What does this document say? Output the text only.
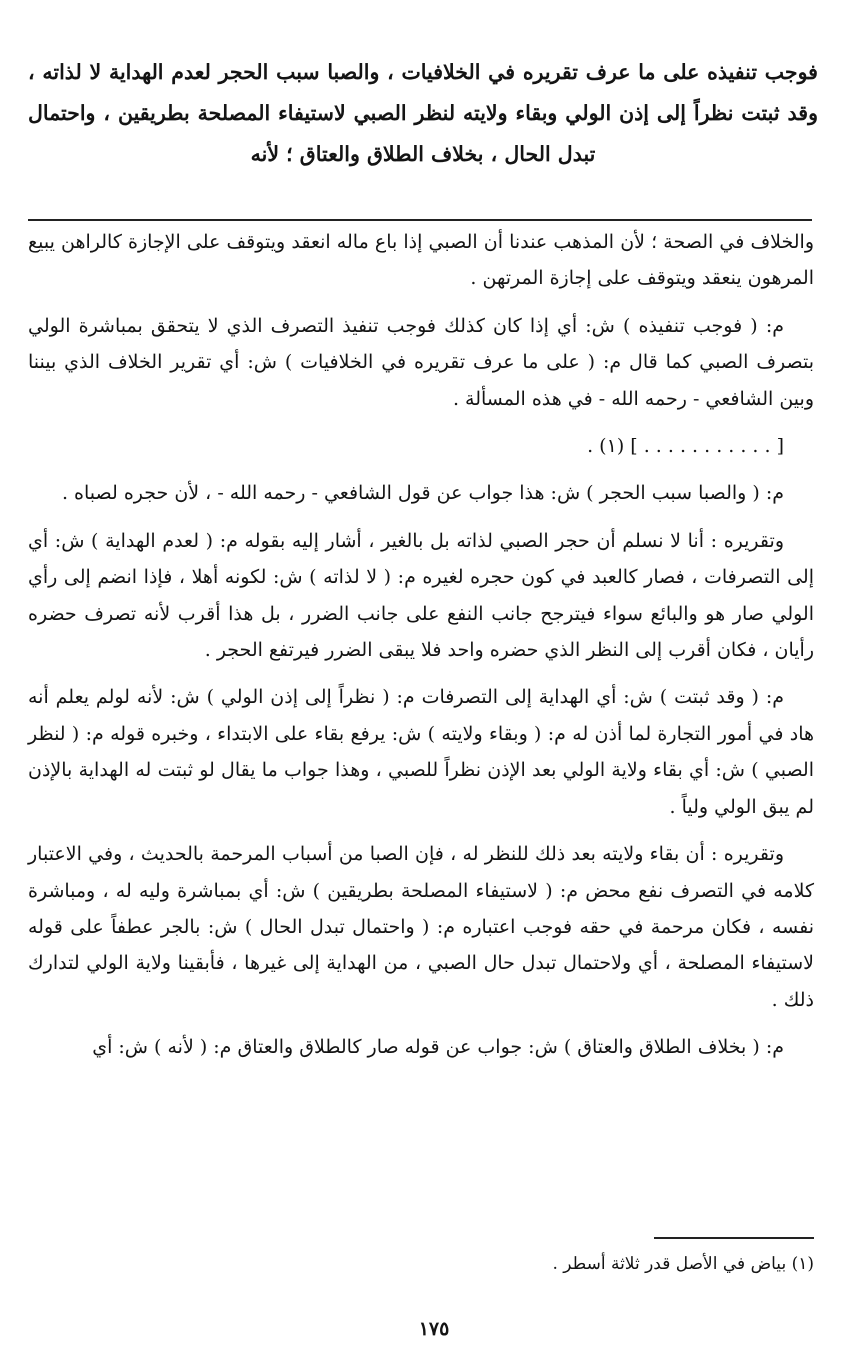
فوجب تنفيذه على ما عرف تقريره في الخلافيات ، والصبا سبب الحجر لعدم الهداية لا لذاته ، وقد ثبتت نظراً إلى إذن الولي وبقاء ولايته لنظر الصبي لاستيفاء المصلحة بطريقين ، واحتمال تبدل الحال ، بخلاف الطلاق والعتاق ؛ لأنه

والخلاف في الصحة ؛ لأن المذهب عندنا أن الصبي إذا باع ماله انعقد ويتوقف على الإجازة كالراهن يبيع المرهون ينعقد ويتوقف على إجازة المرتهن .

م: ( فوجب تنفيذه ) ش: أي إذا كان كذلك فوجب تنفيذ التصرف الذي لا يتحقق بمباشرة الولي بتصرف الصبي كما قال م: ( على ما عرف تقريره في الخلافيات ) ش: أي تقرير الخلاف الذي بيننا وبين الشافعي - رحمه الله - في هذه المسألة .

[ . . . . . . . . . . . ] (١) .

م: ( والصبا سبب الحجر ) ش: هذا جواب عن قول الشافعي - رحمه الله - ، لأن حجره لصباه .

وتقريره : أنا لا نسلم أن حجر الصبي لذاته بل بالغير ، أشار إليه بقوله م: ( لعدم الهداية ) ش: أي إلى التصرفات ، فصار كالعبد في كون حجره لغيره م: ( لا لذاته ) ش: لكونه أهلا ، فإذا انضم إلى رأي الولي صار هو والبائع سواء فيترجح جانب النفع على جانب الضرر ، بل هذا أقرب لأنه تصرف حضره رأيان ، فكان أقرب إلى النظر الذي حضره واحد فلا يبقى الضرر فيرتفع الحجر .

م: ( وقد ثبتت ) ش: أي الهداية إلى التصرفات م: ( نظراً إلى إذن الولي ) ش: لأنه لولم يعلم أنه هاد في أمور التجارة لما أذن له م: ( وبقاء ولايته ) ش: يرفع بقاء على الابتداء ، وخبره قوله م: ( لنظر الصبي ) ش: أي بقاء ولاية الولي بعد الإذن نظراً للصبي ، وهذا جواب ما يقال لو ثبتت له الهداية بالإذن لم يبق الولي ولياً .

وتقريره : أن بقاء ولايته بعد ذلك للنظر له ، فإن الصبا من أسباب المرحمة بالحديث ، وفي الاعتبار كلامه في التصرف نفع محض م: ( لاستيفاء المصلحة بطريقين ) ش: أي بمباشرة وليه له ، ومباشرة نفسه ، فكان مرحمة في حقه فوجب اعتباره م: ( واحتمال تبدل الحال ) ش: بالجر عطفاً على قوله لاستيفاء المصلحة ، أي ولاحتمال تبدل حال الصبي ، من الهداية إلى غيرها ، فأبقينا ولاية الولي لتدارك ذلك .

م: ( بخلاف الطلاق والعتاق ) ش: جواب عن قوله صار كالطلاق والعتاق م: ( لأنه ) ش: أي

(١) بياض في الأصل قدر ثلاثة أسطر .
١٧٥
